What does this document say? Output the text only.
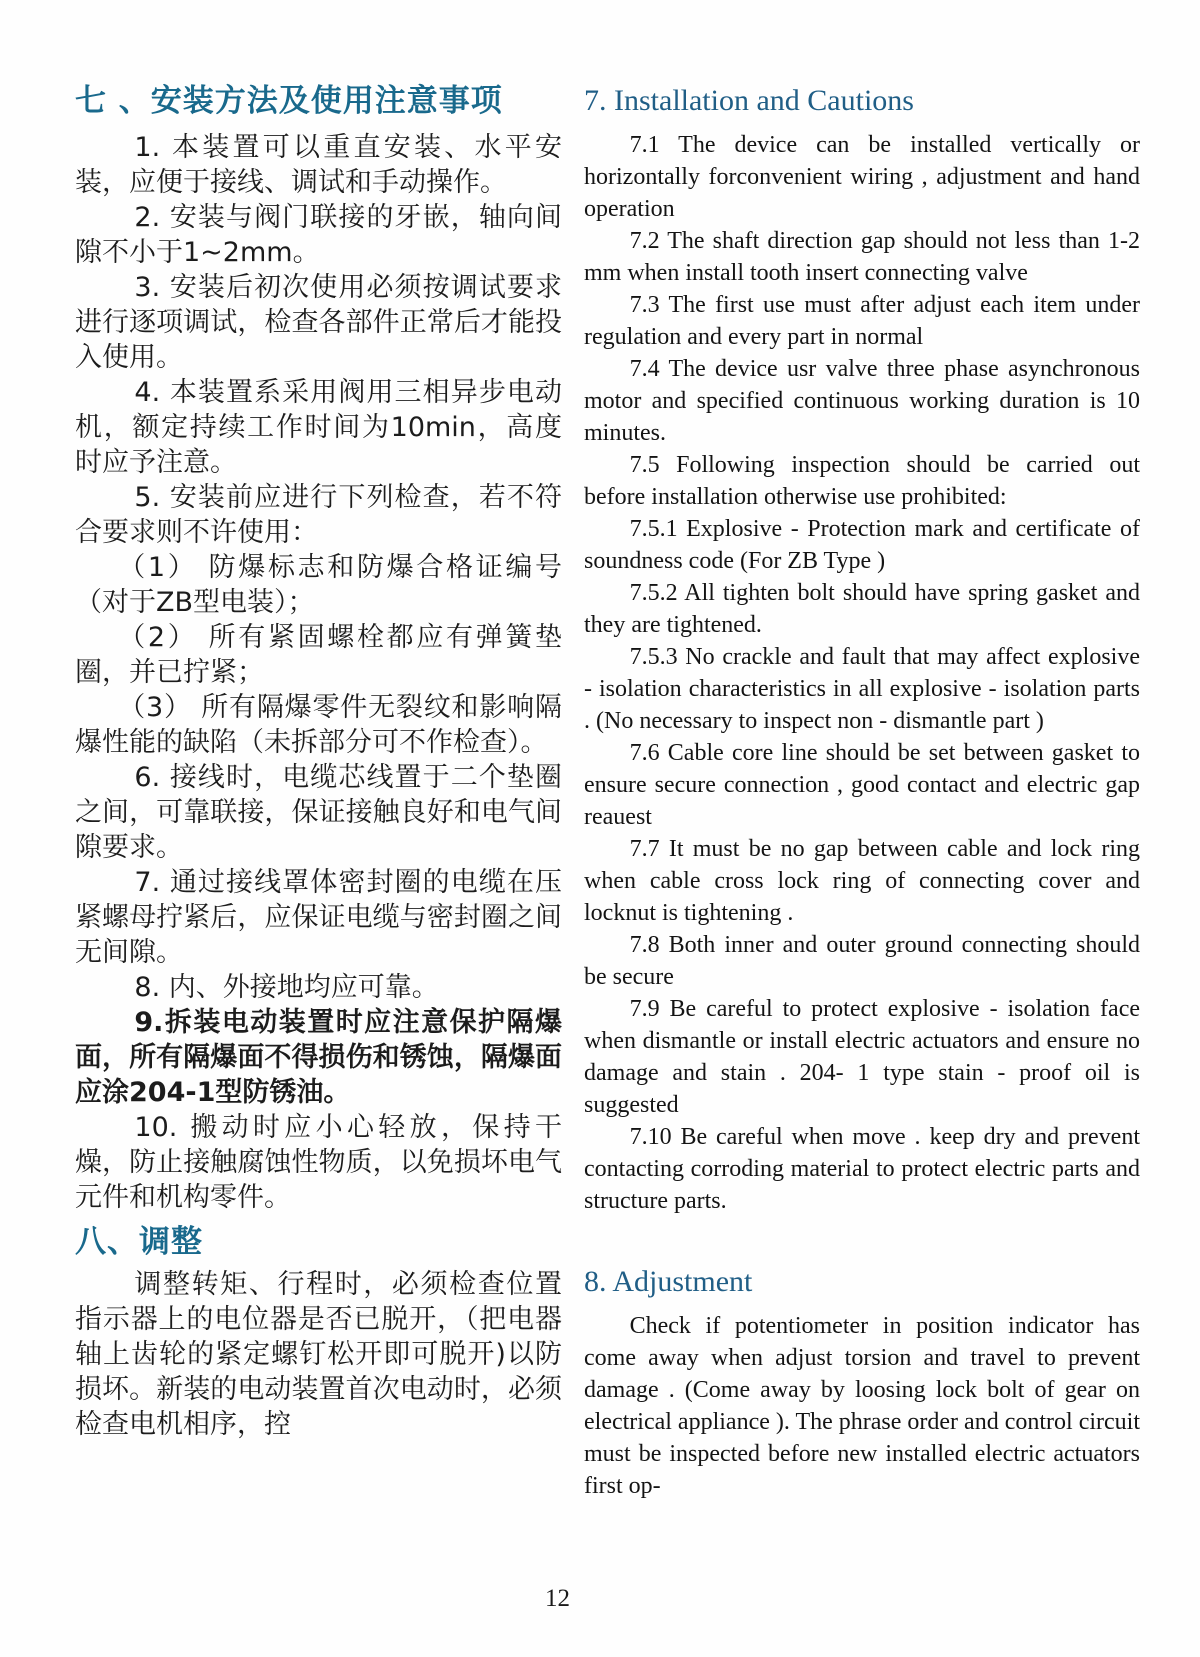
七 、安装方法及使用注意事项

1. 本装置可以重直安装、水平安装，应便于接线、调试和手动操作。

2. 安装与阀门联接的牙嵌，轴向间隙不小于1~2mm。

3. 安装后初次使用必须按调试要求进行逐项调试，检查各部件正常后才能投入使用。

4. 本装置系采用阀用三相异步电动机，额定持续工作时间为10min，高度时应予注意。

5. 安装前应进行下列检查，若不符合要求则不许使用：

（1） 防爆标志和防爆合格证编号（对于ZB型电装）；

（2） 所有紧固螺栓都应有弹簧垫圈，并已拧紧；

（3） 所有隔爆零件无裂纹和影响隔爆性能的缺陷（未拆部分可不作检查）。

6. 接线时，电缆芯线置于二个垫圈之间，可靠联接，保证接触良好和电气间隙要求。

7. 通过接线罩体密封圈的电缆在压紧螺母拧紧后，应保证电缆与密封圈之间无间隙。

8. 内、外接地均应可靠。

9.拆装电动装置时应注意保护隔爆面，所有隔爆面不得损伤和锈蚀，隔爆面应涂204-1型防锈油。

10. 搬动时应小心轻放，保持干燥，防止接触腐蚀性物质，以免损坏电气元件和机构零件。

八、调整

调整转矩、行程时，必须检查位置指示器上的电位器是否已脱开，（把电器轴上齿轮的紧定螺钉松开即可脱开)以防损坏。新装的电动装置首次电动时，必须检查电机相序，控

7. Installation and Cautions

7.1 The device can be installed vertically or horizontally forconvenient wiring , adjustment and hand operation

7.2 The shaft direction gap should not less than 1-2 mm when install tooth insert connecting valve

7.3 The first use must after adjust each item under regulation and every part in normal

7.4 The device usr valve three phase asynchronous motor and specified continuous working duration is 10 minutes.

7.5 Following inspection should be carried out before installation otherwise use prohibited:

7.5.1 Explosive - Protection mark and certificate of soundness code (For ZB Type )

7.5.2 All tighten bolt should have spring gasket and they are tightened.

7.5.3 No crackle and fault that may affect explosive - isolation characteristics in all explosive - isolation parts . (No necessary to inspect non - dismantle part )

7.6 Cable core line should be set between gasket to ensure secure connection , good contact and electric gap reauest

7.7 It must be no gap between cable and lock ring when cable cross lock ring of connecting cover and locknut is tightening .

7.8 Both inner and outer ground connecting should be secure

7.9 Be careful to protect explosive - isolation face when dismantle or install electric actuators and ensure no damage and stain . 204- 1 type stain - proof oil is suggested

7.10 Be careful when move . keep dry and prevent contacting corroding material to protect electric parts and structure parts.

8. Adjustment

Check if potentiometer in position indicator has come away when adjust torsion and travel to prevent damage . (Come away by loosing lock bolt of gear on electrical appliance ). The phrase order and control circuit must be inspected before new installed electric actuators first op-

12
